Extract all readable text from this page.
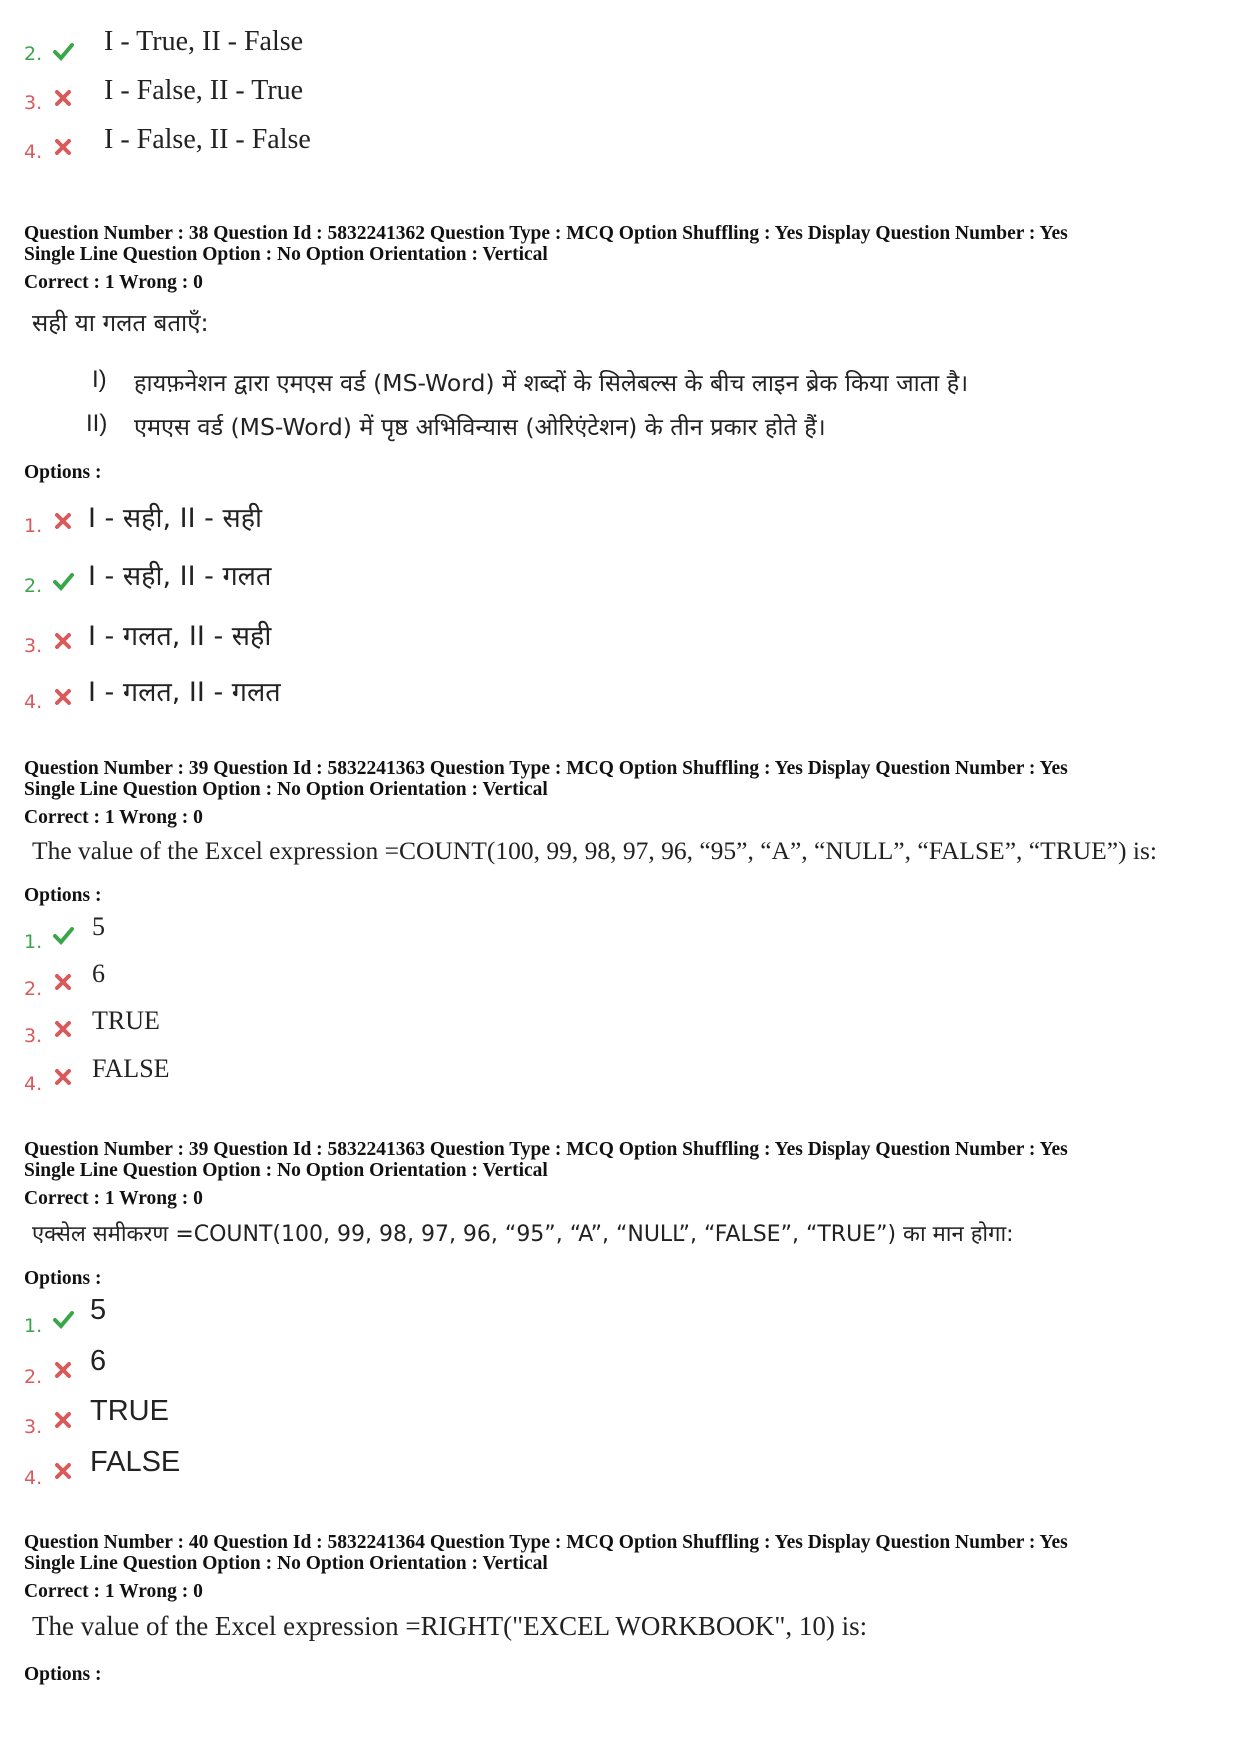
2. I - True, II - False
3. I - False, II - True
4. I - False, II - False
Question Number : 38 Question Id : 5832241362 Question Type : MCQ Option Shuffling : Yes Display Question Number : Yes
Single Line Question Option : No Option Orientation : Vertical
Correct : 1 Wrong : 0
सही या गलत बताएँ:
I) हायफ़नेशन द्वारा एमएस वर्ड (MS-Word) में शब्दों के सिलेबल्स के बीच लाइन ब्रेक किया जाता है।
II) एमएस वर्ड (MS-Word) में पृष्ठ अभिविन्यास (ओरिएंटेशन) के तीन प्रकार होते हैं।
Options :
1. I - सही, II - सही
2. I - सही, II - गलत
3. I - गलत, II - सही
4. I - गलत, II - गलत
Question Number : 39 Question Id : 5832241363 Question Type : MCQ Option Shuffling : Yes Display Question Number : Yes
Single Line Question Option : No Option Orientation : Vertical
Correct : 1 Wrong : 0
The value of the Excel expression =COUNT(100, 99, 98, 97, 96, “95”, “A”, “NULL”, “FALSE”, “TRUE”) is:
Options :
1.
5
2.
6
3.
TRUE
4.
FALSE
Question Number : 39 Question Id : 5832241363 Question Type : MCQ Option Shuffling : Yes Display Question Number : Yes
Single Line Question Option : No Option Orientation : Vertical
Correct : 1 Wrong : 0
एक्सेल समीकरण =COUNT(100, 99, 98, 97, 96, “95”, “A”, “NULL”, “FALSE”, “TRUE”) का मान होगा:
Options :
1. 5
2. 6
3. TRUE
4. FALSE
Question Number : 40 Question Id : 5832241364 Question Type : MCQ Option Shuffling : Yes Display Question Number : Yes
Single Line Question Option : No Option Orientation : Vertical
Correct : 1 Wrong : 0
The value of the Excel expression =RIGHT("EXCEL WORKBOOK", 10) is:
Options :
